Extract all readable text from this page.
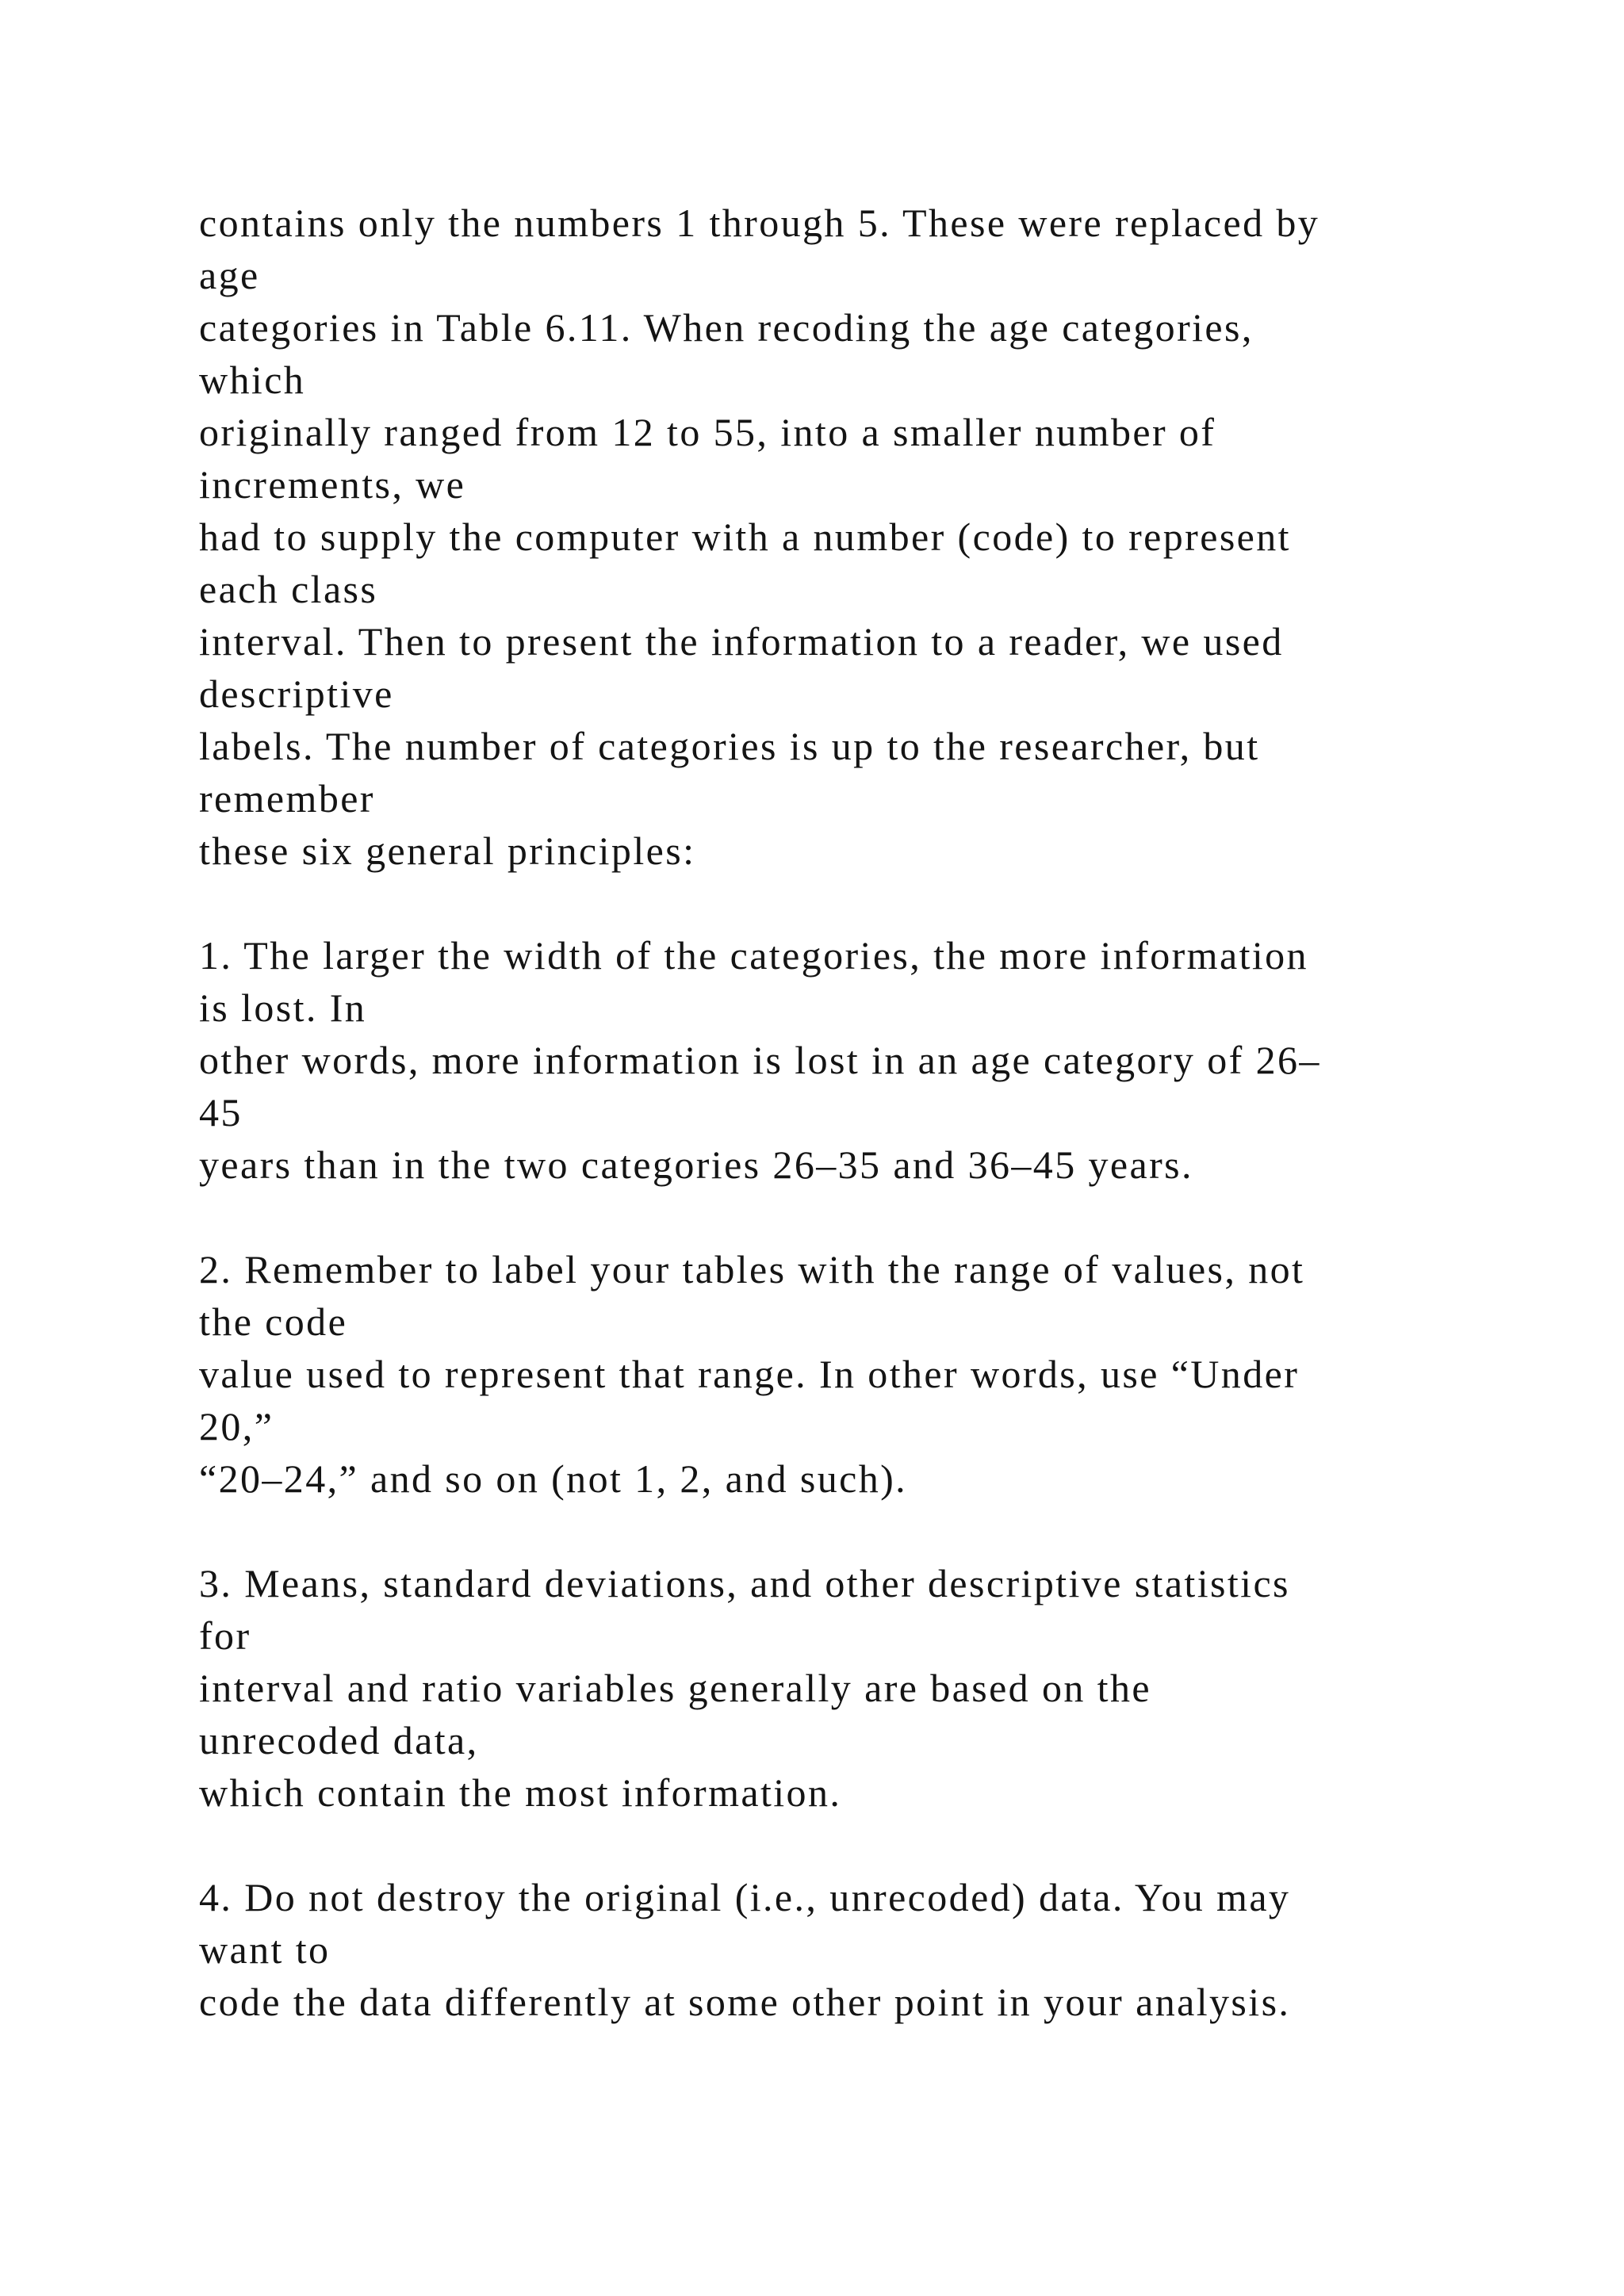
contains only the numbers 1 through 5. These were replaced by
age
categories in Table 6.11. When recoding the age categories,
which
originally ranged from 12 to 55, into a smaller number of
increments, we
had to supply the computer with a number (code) to represent
each class
interval. Then to present the information to a reader, we used
descriptive
labels. The number of categories is up to the researcher, but
remember
these six general principles:
1. The larger the width of the categories, the more information
is lost. In
other words, more information is lost in an age category of 26–
45
years than in the two categories 26–35 and 36–45 years.
2. Remember to label your tables with the range of values, not
the code
value used to represent that range. In other words, use “Under
20,”
“20–24,” and so on (not 1, 2, and such).
3. Means, standard deviations, and other descriptive statistics
for
interval and ratio variables generally are based on the
unrecoded data,
which contain the most information.
4. Do not destroy the original (i.e., unrecoded) data. You may
want to
code the data differently at some other point in your analysis.
